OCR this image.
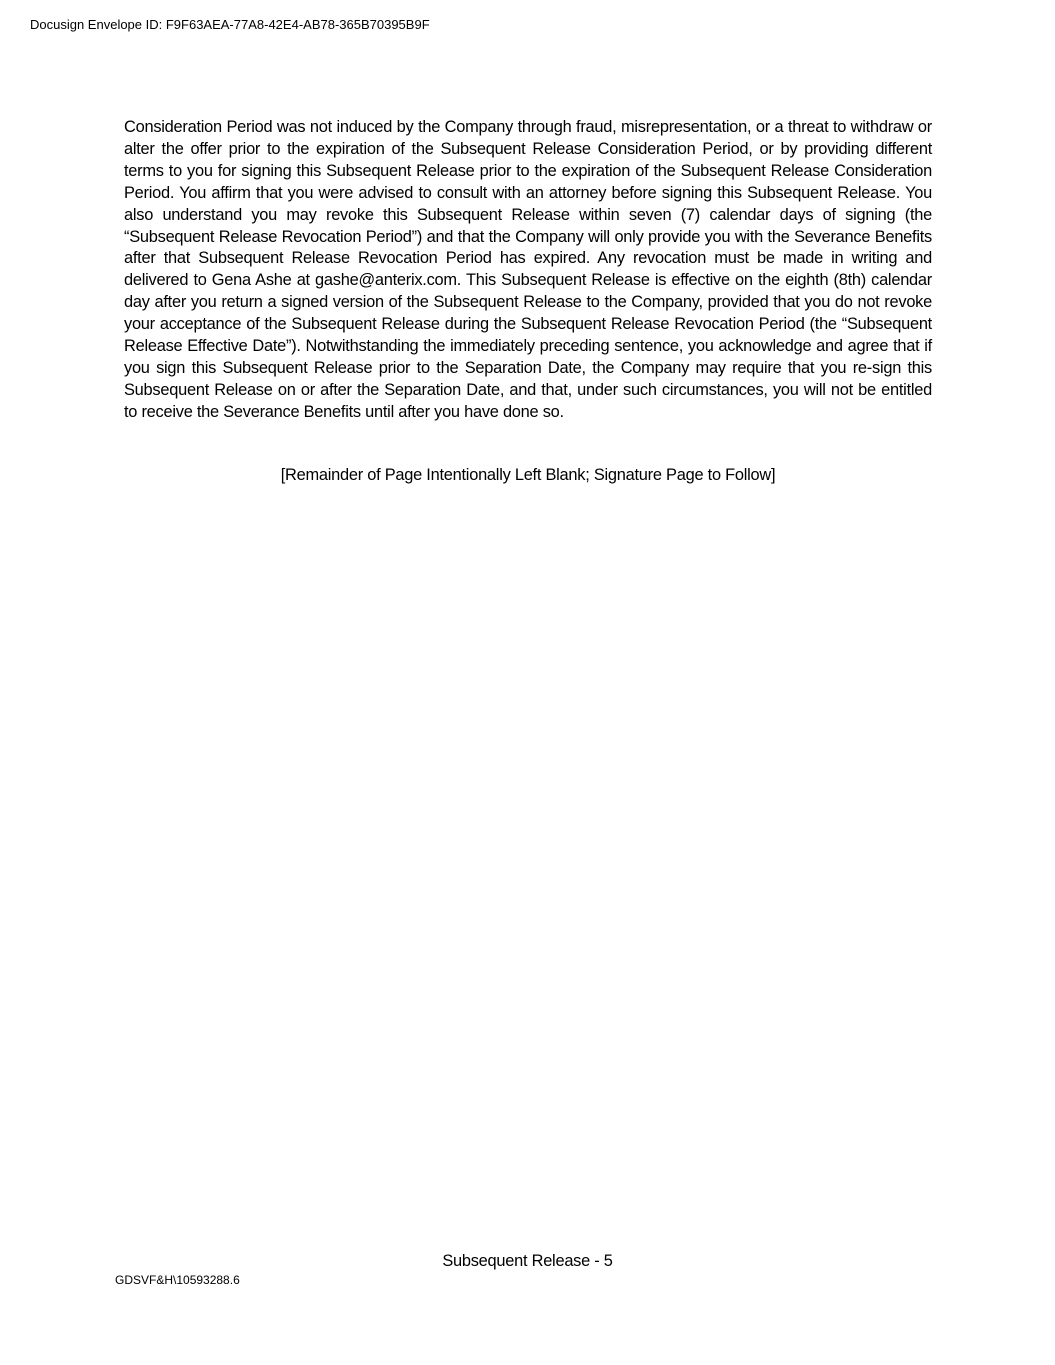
Docusign Envelope ID: F9F63AEA-77A8-42E4-AB78-365B70395B9F

Consideration Period was not induced by the Company through fraud, misrepresentation, or a threat to withdraw or alter the offer prior to the expiration of the Subsequent Release Consideration Period, or by providing different terms to you for signing this Subsequent Release prior to the expiration of the Subsequent Release Consideration Period. You affirm that you were advised to consult with an attorney before signing this Subsequent Release. You also understand you may revoke this Subsequent Release within seven (7) calendar days of signing (the “Subsequent Release Revocation Period”) and that the Company will only provide you with the Severance Benefits after that Subsequent Release Revocation Period has expired. Any revocation must be made in writing and delivered to Gena Ashe at gashe@anterix.com. This Subsequent Release is effective on the eighth (8th) calendar day after you return a signed version of the Subsequent Release to the Company, provided that you do not revoke your acceptance of the Subsequent Release during the Subsequent Release Revocation Period (the “Subsequent Release Effective Date”). Notwithstanding the immediately preceding sentence, you acknowledge and agree that if you sign this Subsequent Release prior to the Separation Date, the Company may require that you re-sign this Subsequent Release on or after the Separation Date, and that, under such circumstances, you will not be entitled to receive the Severance Benefits until after you have done so.

[Remainder of Page Intentionally Left Blank; Signature Page to Follow]

Subsequent Release - 5
GDSVF&H\10593288.6
